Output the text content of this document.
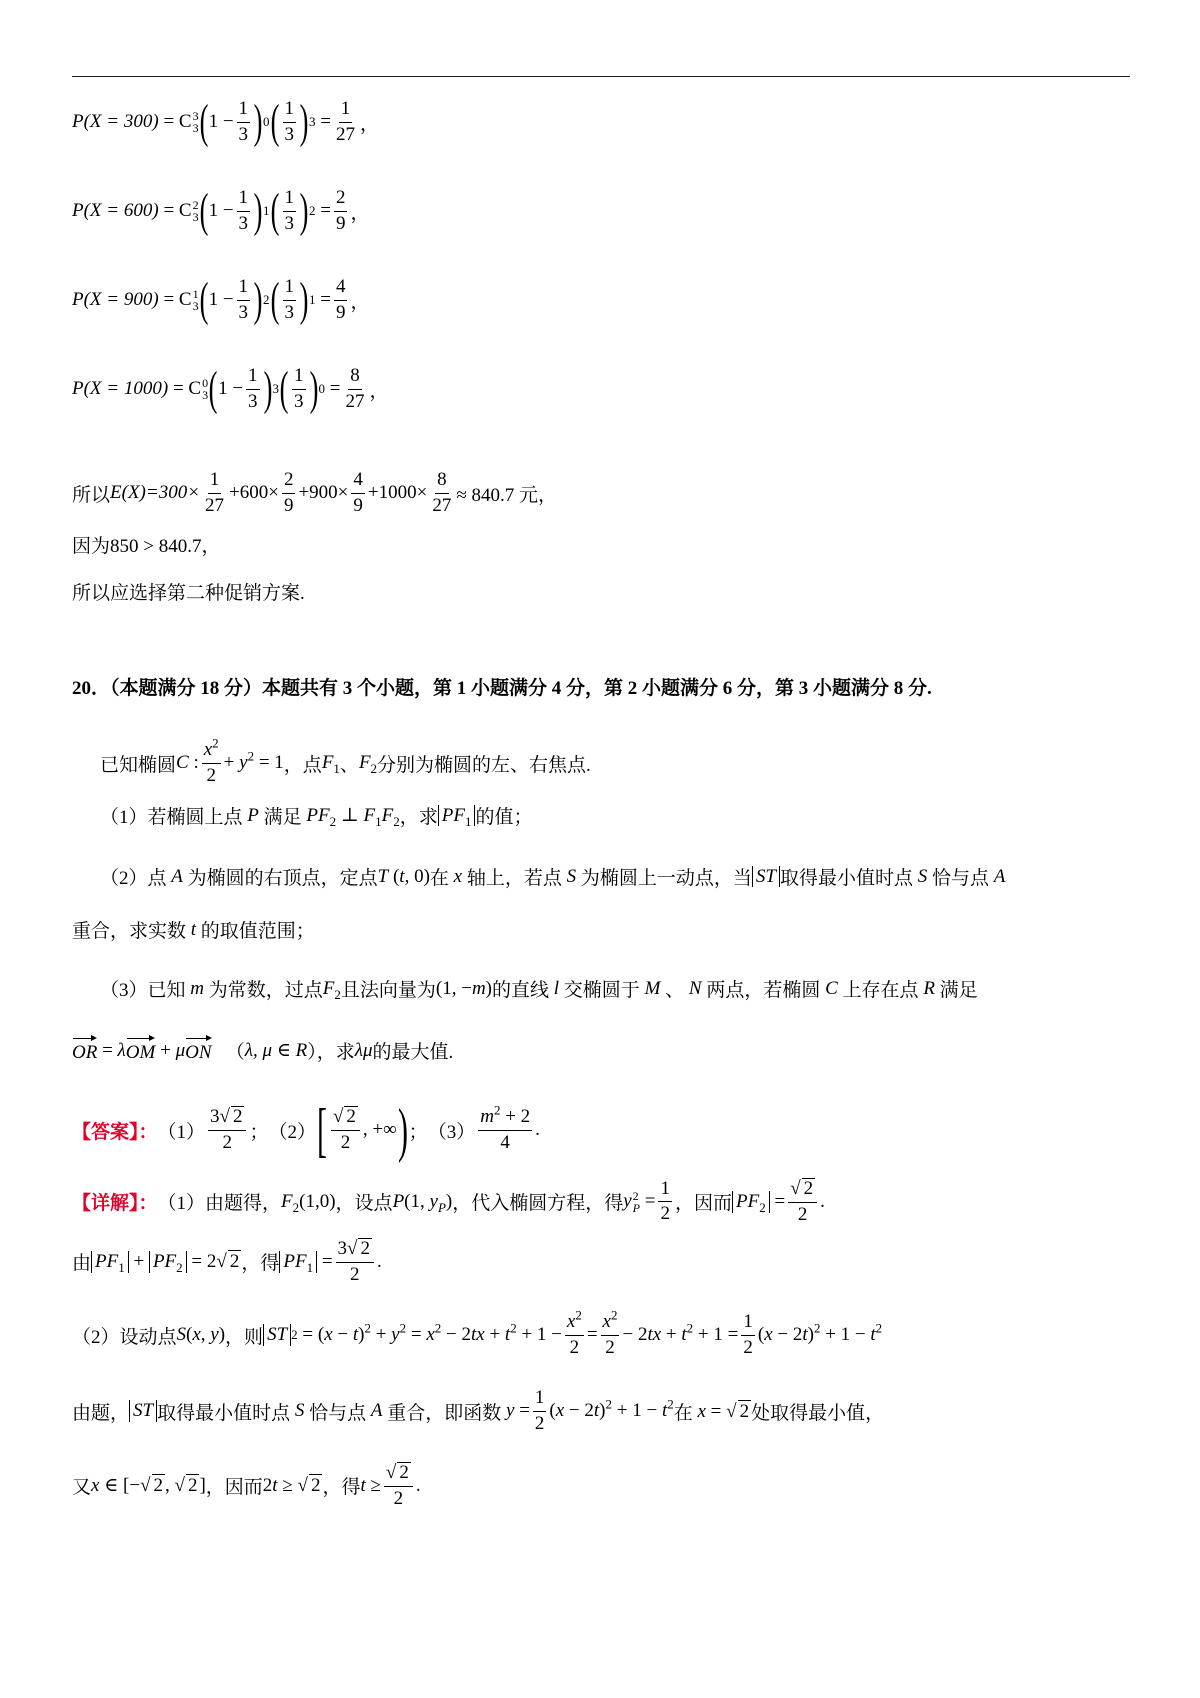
P(X = 300) = C 3
3 ( $1 - \frac{1}{3}$ ) 0 ( $\frac{1}{3}$ ) $3 = \frac{1}{27}$ ，
P(X = 600) = C 2
3 ( $1 - \frac{1}{3}$ ) 1 ( $\frac{1}{3}$ ) $2 = \frac{2}{9}$ ，
P(X = 900) = C 1
3 ( $1 - \frac{1}{3}$ ) 2 ( $\frac{1}{3}$ ) $1 = \frac{4}{9}$ ，
P(X = 1000) = C 0
3 ( $1 - \frac{1}{3}$ ) 3 ( $\frac{1}{3}$ ) $0 = \frac{8}{27}$ ，
所以 $E(X)=300\times \frac{1}{27} +600\times \frac{2}{9} +900\times \frac{4}{9} +1000\times \frac{8}{27} \approx 840.7$ 元，
因为850 > 840.7，
所以应选择第二种促销方案.
20．（本题满分 18 分）本题共有 3 个小题，第 1 小题满分 4 分，第 2 小题满分 6 分，第 3 小题满分 8 分.
已知椭圆 C : $\frac{x^2}{2} + y^2 = 1$ ，点 $F_1$ 、 $F_2$ 分别为椭圆的左、右焦点.
（1）若椭圆上点 P 满足 $PF_2$ ⊥ $F_1F_2$ ，求 $PF_1$ 的值；
（2）点 A 为椭圆的右顶点，定点 T (t, 0) 在 x 轴上，若点 S 为椭圆上一动点，当 ST 取得最小值时点 S 恰与点 A
重合，求实数 t 的取值范围；
（3）已知 m 为常数，过点 $F_2$ 且法向量为 (1, −m) 的直线 l 交椭圆于 M 、 N 两点，若椭圆 C 上存在点 R 满足
OR = λ OM + μ ON
（ λ, μ ∈ R ），求 λμ 的最大值.
【答案】： $(1) \frac{3√ 2}{2}$ ； （2） [ $\frac{√ 2}{2}$ , +∞ ) ； $(3) \frac{m^2 + 2}{4}$ .
【详解】： （1）由题得， $F_2(1,0)$ ，设点 P(1, $y_P$) ，代入椭圆方程，得 y 2
$P = \frac{1}{2}$ ，因而 $PF_2 = \frac{√ 2}{2}$ .
由 $PF_1 + PF_2 = 2√$ 2 ，得 $PF_1 = \frac{3√ 2}{2}$ .
（2）设动点 S(x, y) ，则 ST $2 = (x - t)^2 + y^2 = x^2 - 2tx + t^2 + 1 - \frac{x^2}{2} = \frac{x^2}{2} - 2tx + t^2 + 1 = \frac{1}{2} (x - 2t)^2 + 1 - t^2$
由题， ST 取得最小值时点 S 恰与点 A 重合，即函数 $y = \frac{1}{2} (x - 2t)^2 + 1 - t^2$ 在 x = √ 2 处取得最小值，
又 x ∈ [−√ 2 , √ 2 ] ，因而 2t ≥ √ 2 ，得 $t \ge \frac{√ 2}{2}$ .
